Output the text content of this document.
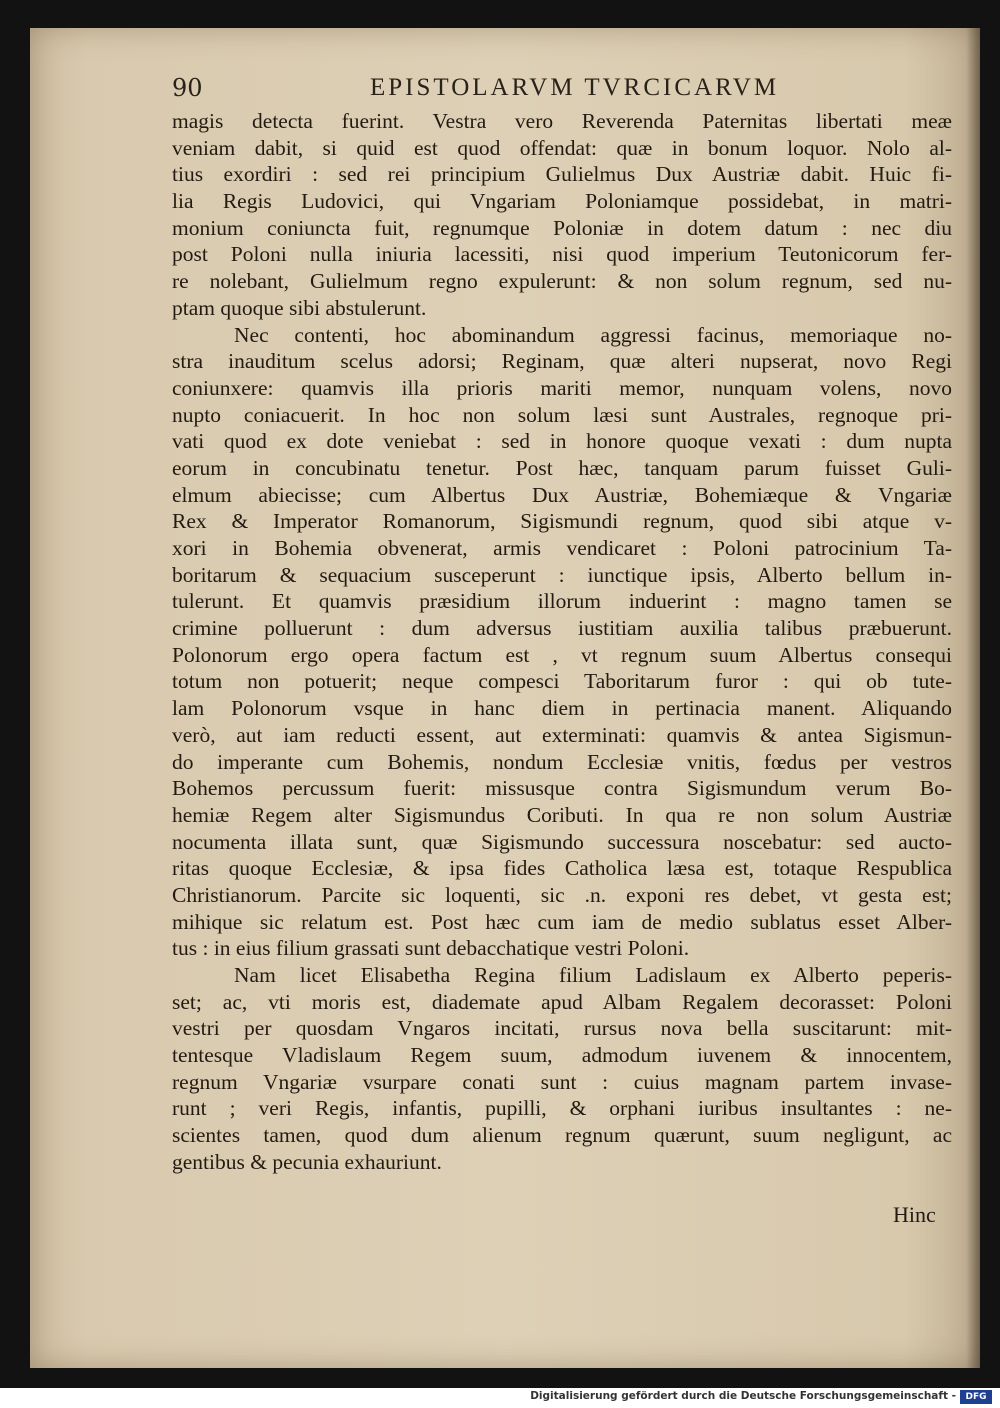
90	EPISTOLARVM TVRCICARVM
magis detecta fuerint. Vestra vero Reverenda Paternitas libertati meæ
veniam dabit, si quid est quod offendat: quæ in bonum loquor. Nolo al-
tius exordiri : sed rei principium Gulielmus Dux Austriæ dabit. Huic fi-
lia Regis Ludovici, qui Vngariam Poloniamque possidebat, in matri-
monium coniuncta fuit, regnumque Poloniæ in dotem datum : nec diu
post Poloni nulla iniuria lacessiti, nisi quod imperium Teutonicorum fer-
re nolebant, Gulielmum regno expulerunt: & non solum regnum, sed nu-
ptam quoque sibi abstulerunt.
Nec contenti, hoc abominandum aggressi facinus, memoriaque no-
stra inauditum scelus adorsi; Reginam, quæ alteri nupserat, novo Regi
coniunxere: quamvis illa prioris mariti memor, nunquam volens, novo
nupto coniacuerit. In hoc non solum læsi sunt Australes, regnoque pri-
vati quod ex dote veniebat : sed in honore quoque vexati : dum nupta
eorum in concubinatu tenetur. Post hæc, tanquam parum fuisset Guli-
elmum abiecisse; cum Albertus Dux Austriæ, Bohemiæque & Vngariæ
Rex & Imperator Romanorum, Sigismundi regnum, quod sibi atque v-
xori in Bohemia obvenerat, armis vendicaret : Poloni patrocinium Ta-
boritarum & sequacium susceperunt : iunctique ipsis, Alberto bellum in-
tulerunt. Et quamvis præsidium illorum induerint : magno tamen se
crimine polluerunt : dum adversus iustitiam auxilia talibus præbuerunt.
Polonorum ergo opera factum est , vt regnum suum Albertus consequi
totum non potuerit; neque compesci Taboritarum furor : qui ob tute-
lam Polonorum vsque in hanc diem in pertinacia manent. Aliquando
verò, aut iam reducti essent, aut exterminati: quamvis & antea Sigismun-
do imperante cum Bohemis, nondum Ecclesiæ vnitis, fœdus per vestros
Bohemos percussum fuerit: missusque contra Sigismundum verum Bo-
hemiæ Regem alter Sigismundus Coributi. In qua re non solum Austriæ
nocumenta illata sunt, quæ Sigismundo successura noscebatur: sed aucto-
ritas quoque Ecclesiæ, & ipsa fides Catholica læsa est, totaque Respublica
Christianorum. Parcite sic loquenti, sic .n. exponi res debet, vt gesta est;
mihique sic relatum est. Post hæc cum iam de medio sublatus esset Alber-
tus : in eius filium grassati sunt debacchatique vestri Poloni.
Nam licet Elisabetha Regina filium Ladislaum ex Alberto peperis-
set; ac, vti moris est, diademate apud Albam Regalem decorasset: Poloni
vestri per quosdam Vngaros incitati, rursus nova bella suscitarunt: mit-
tentesque Vladislaum Regem suum, admodum iuvenem & innocentem,
regnum Vngariæ vsurpare conati sunt : cuius magnam partem invase-
runt ; veri Regis, infantis, pupilli, & orphani iuribus insultantes : ne-
scientes tamen, quod dum alienum regnum quærunt, suum negligunt, ac
gentibus & pecunia exhauriunt.
Hinc
Digitalisierung gefördert durch die Deutsche Forschungsgemeinschaft -	DFG
